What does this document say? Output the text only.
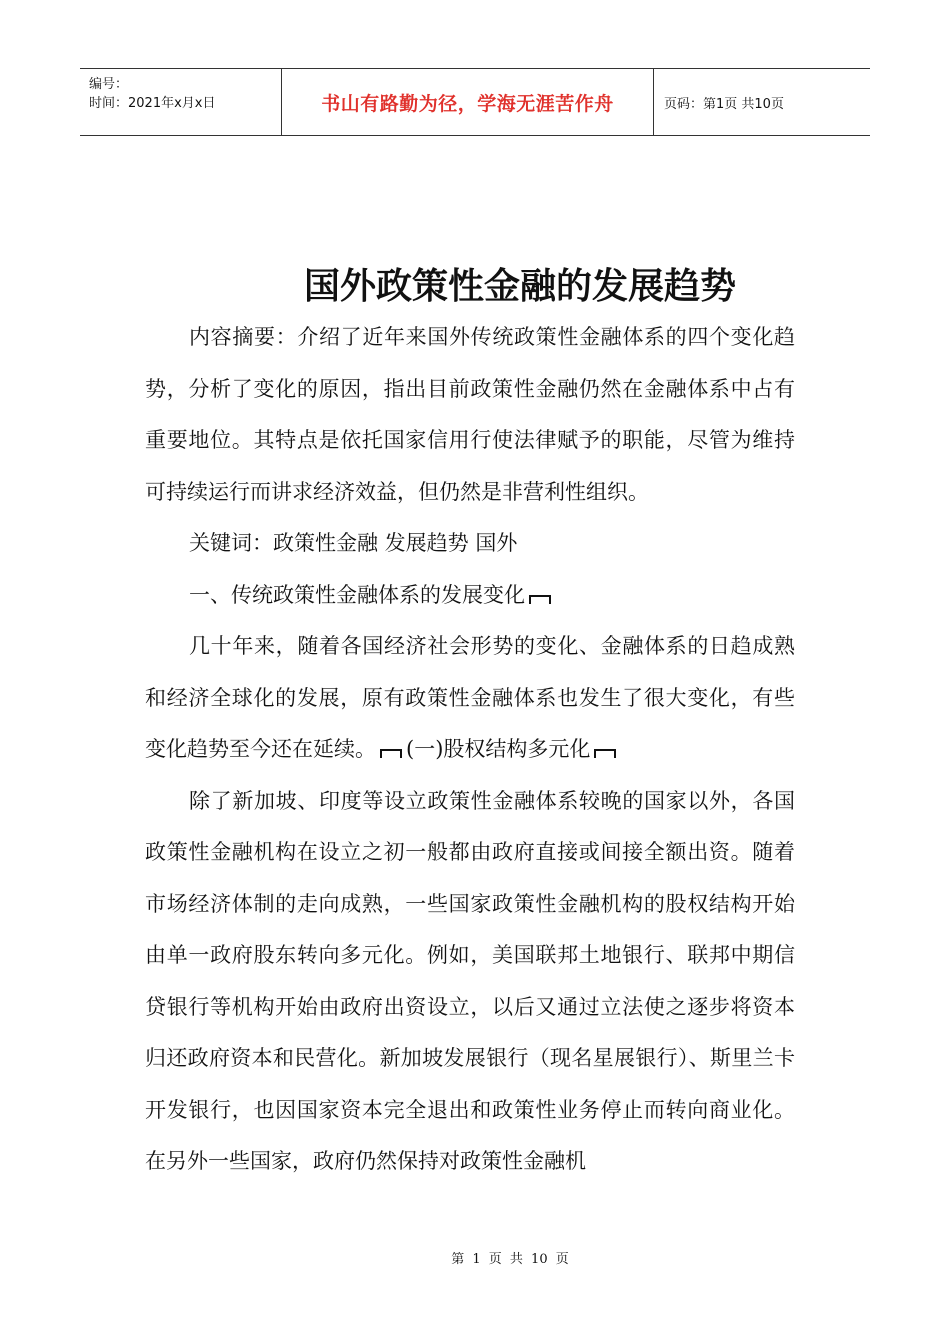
编号：
时间：2021年x月x日	书山有路勤为径，学海无涯苦作舟	页码：第1页 共10页
国外政策性金融的发展趋势

内容摘要：介绍了近年来国外传统政策性金融体系的四个变化趋势，分析了变化的原因，指出目前政策性金融仍然在金融体系中占有重要地位。其特点是依托国家信用行使法律赋予的职能，尽管为维持可持续运行而讲求经济效益，但仍然是非营利性组织。

关键词：政策性金融 发展趋势 国外

一、传统政策性金融体系的发展变化

几十年来，随着各国经济社会形势的变化、金融体系的日趋成熟和经济全球化的发展，原有政策性金融体系也发生了很大变化，有些变化趋势至今还在延续。 (一)股权结构多元化

除了新加坡、印度等设立政策性金融体系较晚的国家以外，各国政策性金融机构在设立之初一般都由政府直接或间接全额出资。随着市场经济体制的走向成熟，一些国家政策性金融机构的股权结构开始由单一政府股东转向多元化。例如，美国联邦土地银行、联邦中期信贷银行等机构开始由政府出资设立，以后又通过立法使之逐步将资本归还政府资本和民营化。新加坡发展银行（现名星展银行）、斯里兰卡开发银行，也因国家资本完全退出和政策性业务停止而转向商业化。在另外一些国家，政府仍然保持对政策性金融机

第 1 页 共 10 页
